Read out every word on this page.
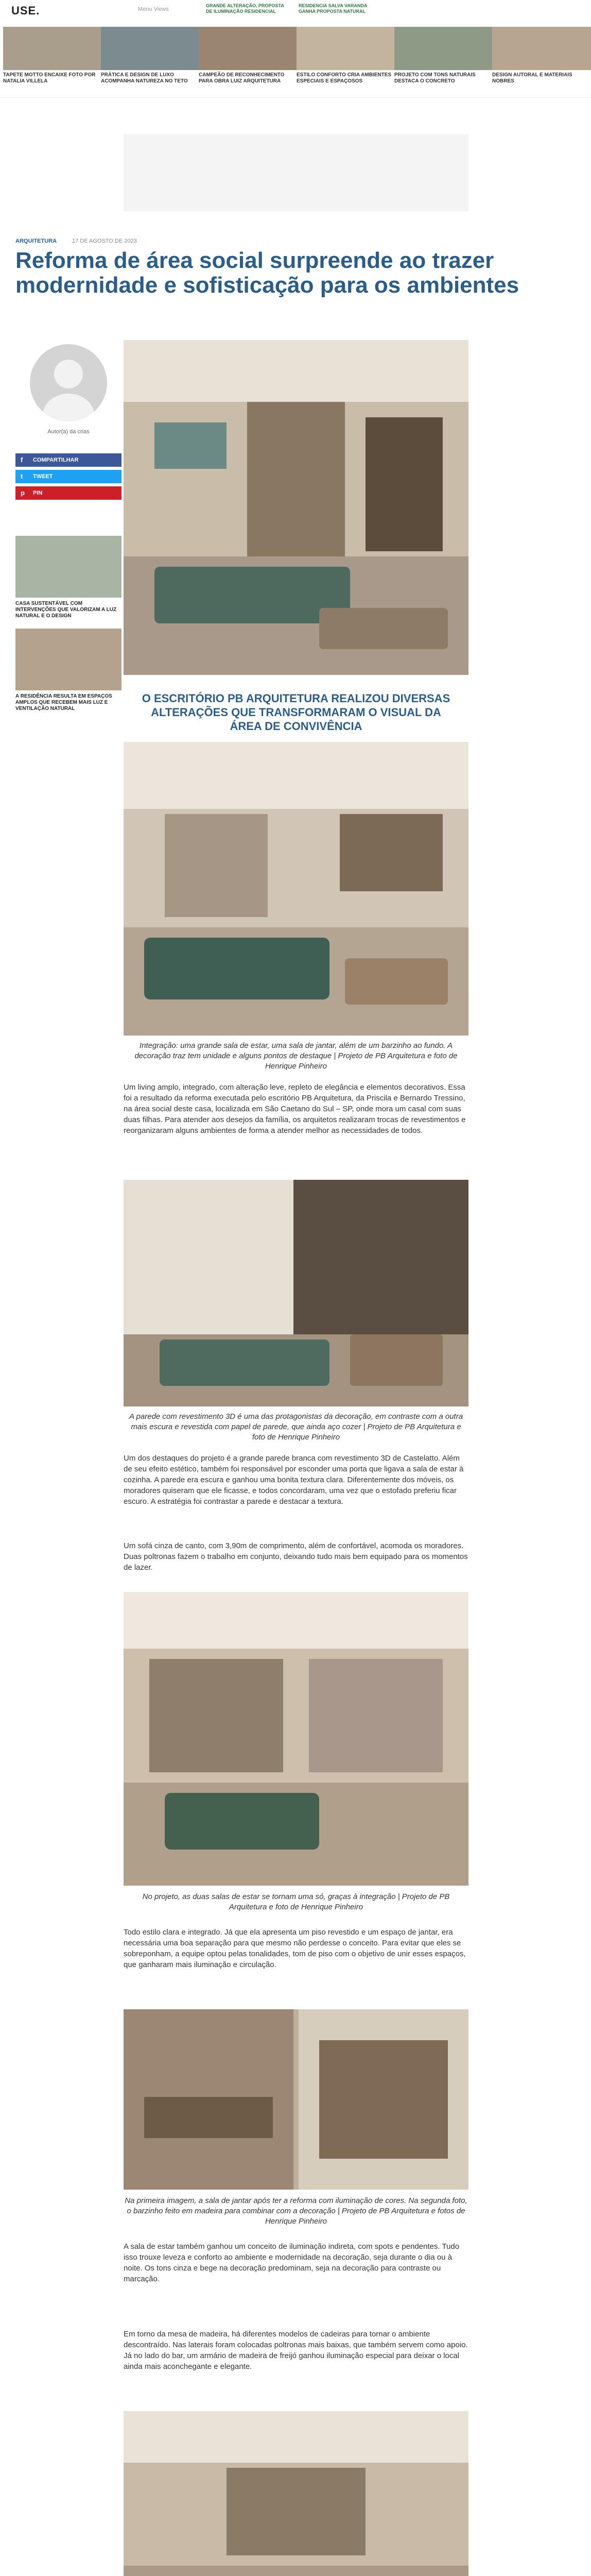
USE.	Menu Views
GRANDE ALTERAÇÃO, PROPOSTA DE ILUMINAÇÃO RESIDENCIAL
RESIDENCIA SALVA VARANDA GANHA PROPOSTA NATURAL
TAPETE MOTTO ENCAIXE FOTO POR NATALIA VILLELA
PRÁTICA E DESIGN DE LUXO ACOMPANHA NATUREZA NO TETO
CAMPEÃO DE RECONHECIMENTO PARA OBRA LUIZ ARQUITETURA
ESTILO CONFORTO CRIA AMBIENTES ESPECIAIS E ESPAÇOSOS
PROJETO COM TONS NATURAIS DESTACA O CONCRETO
DESIGN AUTORAL E MATERIAIS NOBRES
ARQUITETURA	17 DE AGOSTO DE 2023
Reforma de área social surpreende ao trazer modernidade e sofisticação para os ambientes
Autor(a) da crias
f COMPARTILHAR
t TWEET
p PIN
CASA SUSTENTÁVEL COM INTERVENÇÕES QUE VALORIZAM A LUZ NATURAL E O DESIGN
A RESIDÊNCIA RESULTA EM ESPAÇOS AMPLOS QUE RECEBEM MAIS LUZ E VENTILAÇÃO NATURAL
O ESCRITÓRIO PB ARQUITETURA REALIZOU DIVERSAS ALTERAÇÕES QUE TRANSFORMARAM O VISUAL DA ÁREA DE CONVIVÊNCIA
Integração: uma grande sala de estar, uma sala de jantar, além de um barzinho ao fundo. A decoração traz tem unidade e alguns pontos de destaque | Projeto de PB Arquitetura e foto de Henrique Pinheiro
Um living amplo, integrado, com alteração leve, repleto de elegância e elementos decorativos. Essa foi a resultado da reforma executada pelo escritório PB Arquitetura, da Priscila e Bernardo Tressino, na área social deste casa, localizada em São Caetano do Sul – SP, onde mora um casal com suas duas filhas. Para atender aos desejos da família, os arquitetos realizaram trocas de revestimentos e reorganizaram alguns ambientes de forma a atender melhor as necessidades de todos.
A parede com revestimento 3D é uma das protagonistas da decoração, em contraste com a outra mais escura e revestida com papel de parede, que ainda aço cozer | Projeto de PB Arquitetura e foto de Henrique Pinheiro
Um dos destaques do projeto é a grande parede branca com revestimento 3D de Castelatto. Além de seu efeito estético, também foi responsável por esconder uma porta que ligava a sala de estar à cozinha. A parede era escura e ganhou uma bonita textura clara. Diferentemente dos móveis, os moradores quiseram que ele ficasse, e todos concordaram, uma vez que o estofado preferiu ficar escuro. A estratégia foi contrastar a parede e destacar a textura.
Um sofá cinza de canto, com 3,90m de comprimento, além de confortável, acomoda os moradores. Duas poltronas fazem o trabalho em conjunto, deixando tudo mais bem equipado para os momentos de lazer.
No projeto, as duas salas de estar se tornam uma só, graças à integração | Projeto de PB Arquitetura e foto de Henrique Pinheiro
Todo estilo clara e integrado. Já que ela apresenta um piso revestido e um espaço de jantar, era necessária uma boa separação para que mesmo não perdesse o conceito. Para evitar que eles se sobreponham, a equipe optou pelas tonalidades, tom de piso com o objetivo de unir esses espaços, que ganharam mais iluminação e circulação.
Na primeira imagem, a sala de jantar após ter a reforma com iluminação de cores. Na segunda foto, o barzinho feito em madeira para combinar com a decoração | Projeto de PB Arquitetura e fotos de Henrique Pinheiro
A sala de estar também ganhou um conceito de iluminação indireta, com spots e pendentes. Tudo isso trouxe leveza e conforto ao ambiente e modernidade na decoração, seja durante o dia ou à noite. Os tons cinza e bege na decoração predominam, seja na decoração para contraste ou marcação.
Em torno da mesa de madeira, há diferentes modelos de cadeiras para tornar o ambiente descontraído. Nas laterais foram colocadas poltronas mais baixas, que também servem como apoio. Já no lado do bar, um armário de madeira de freijó ganhou iluminação especial para deixar o local ainda mais aconchegante e elegante.
